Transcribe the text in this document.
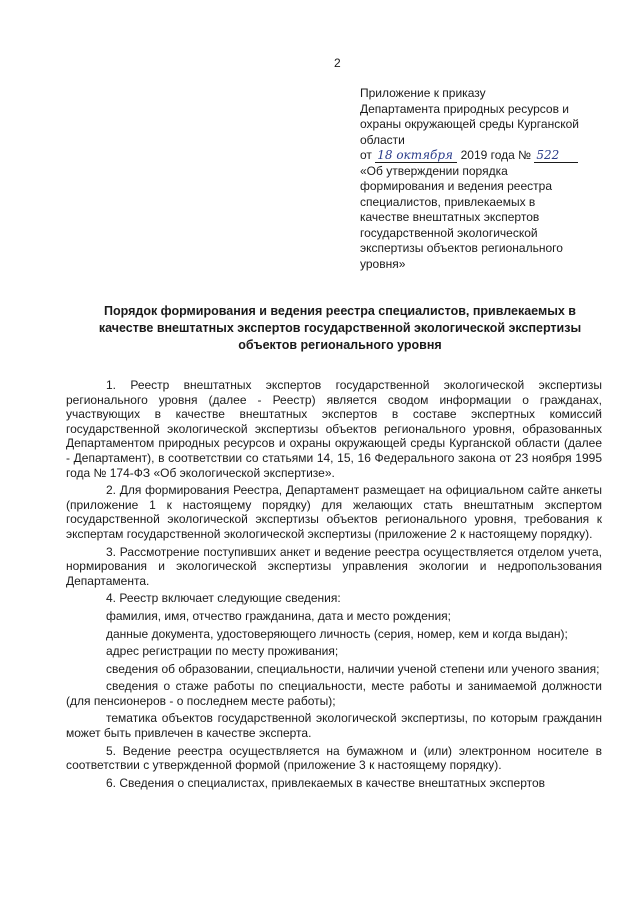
2
Приложение к приказу
Департамента природных ресурсов и
охраны окружающей среды Курганской
области
от 18 октября 2019 года № 522
«Об утверждении порядка
формирования и ведения реестра
специалистов, привлекаемых в
качестве внештатных экспертов
государственной экологической
экспертизы объектов регионального
уровня»
Порядок формирования и ведения реестра специалистов, привлекаемых в качестве внештатных экспертов государственной экологической экспертизы объектов регионального уровня

1. Реестр внештатных экспертов государственной экологической экспертизы регионального уровня (далее - Реестр) является сводом информации о гражданах, участвующих в качестве внештатных экспертов в составе экспертных комиссий государственной экологической экспертизы объектов регионального уровня, образованных Департаментом природных ресурсов и охраны окружающей среды Курганской области (далее - Департамент), в соответствии со статьями 14, 15, 16 Федерального закона от 23 ноября 1995 года № 174-ФЗ «Об экологической экспертизе».

2. Для формирования Реестра, Департамент размещает на официальном сайте анкеты (приложение 1 к настоящему порядку) для желающих стать внештатным экспертом государственной экологической экспертизы объектов регионального уровня, требования к экспертам государственной экологической экспертизы (приложение 2 к настоящему порядку).

3. Рассмотрение поступивших анкет и ведение реестра осуществляется отделом учета, нормирования и экологической экспертизы управления экологии и недропользования Департамента.

4. Реестр включает следующие сведения:

фамилия, имя, отчество гражданина, дата и место рождения;

данные документа, удостоверяющего личность (серия, номер, кем и когда выдан);

адрес регистрации по месту проживания;

сведения об образовании, специальности, наличии ученой степени или ученого звания;

сведения о стаже работы по специальности, месте работы и занимаемой должности (для пенсионеров - о последнем месте работы);

тематика объектов государственной экологической экспертизы, по которым гражданин может быть привлечен в качестве эксперта.

5. Ведение реестра осуществляется на бумажном и (или) электронном носителе в соответствии с утвержденной формой (приложение 3 к настоящему порядку).

6. Сведения о специалистах, привлекаемых в качестве внештатных экспертов
